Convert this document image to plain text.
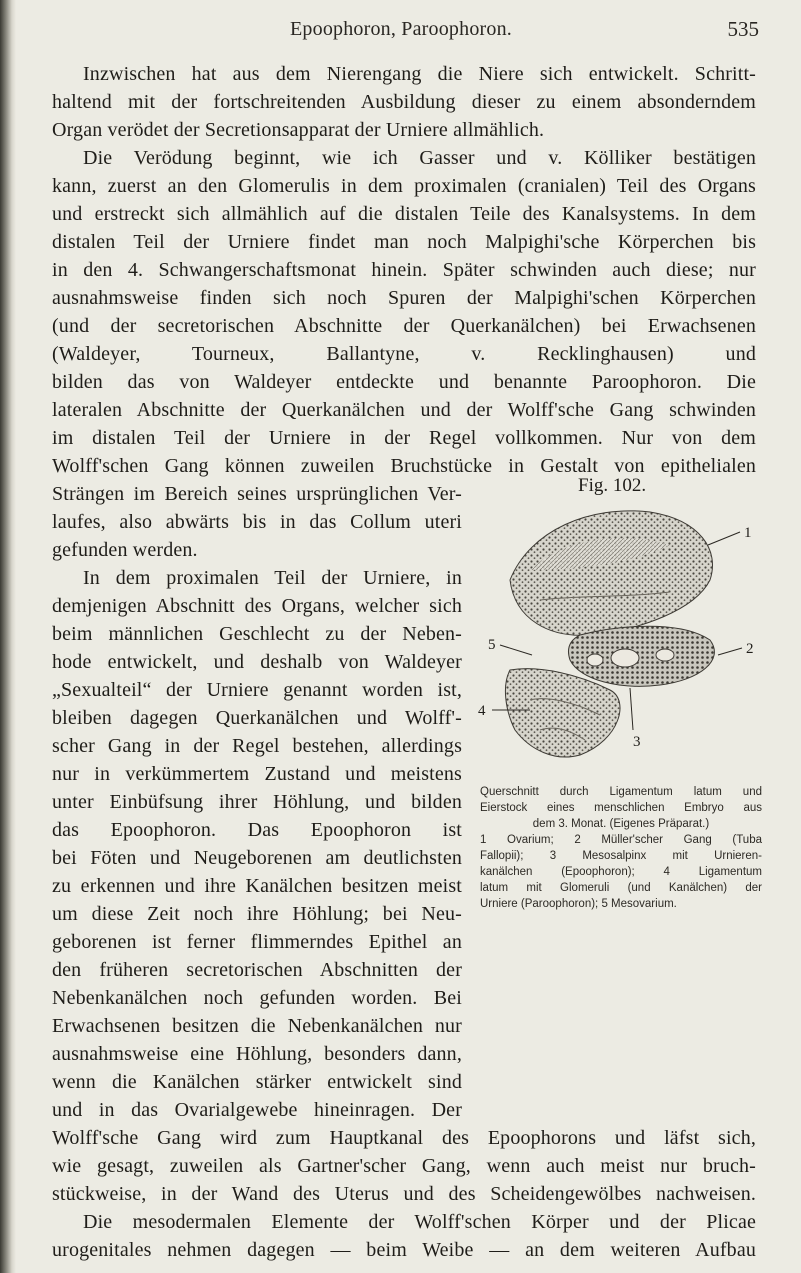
Epoophoron, Paroophoron.	535
Inzwischen hat aus dem Nierengang die Niere sich entwickelt. Schritt-
haltend mit der fortschreitenden Ausbildung dieser zu einem absonderndem
Organ verödet der Secretionsapparat der Urniere allmählich.
Die Verödung beginnt, wie ich Gasser und v. Kölliker bestätigen
kann, zuerst an den Glomerulis in dem proximalen (cranialen) Teil des Organs
und erstreckt sich allmählich auf die distalen Teile des Kanalsystems. In dem
distalen Teil der Urniere findet man noch Malpighi'sche Körperchen bis
in den 4. Schwangerschaftsmonat hinein. Später schwinden auch diese; nur
ausnahmsweise finden sich noch Spuren der Malpighi'schen Körperchen
(und der secretorischen Abschnitte der Querkanälchen) bei Erwachsenen
(Waldeyer, Tourneux, Ballantyne, v. Recklinghausen) und
bilden das von Waldeyer entdeckte und benannte Paroophoron. Die
lateralen Abschnitte der Querkanälchen und der Wolff'sche Gang schwinden
im distalen Teil der Urniere in der Regel vollkommen. Nur von dem
Wolff'schen Gang können zuweilen Bruchstücke in Gestalt von epithelialen
Strängen im Bereich seines ursprünglichen Ver-
laufes, also abwärts bis in das Collum uteri
gefunden werden.
In dem proximalen Teil der Urniere, in
demjenigen Abschnitt des Organs, welcher sich
beim männlichen Geschlecht zu der Neben-
hode entwickelt, und deshalb von Waldeyer
„Sexualteil“ der Urniere genannt worden ist,
bleiben dagegen Querkanälchen und Wolff'-
scher Gang in der Regel bestehen, allerdings
nur in verkümmertem Zustand und meistens
unter Einbüfsung ihrer Höhlung, und bilden
das Epoophoron. Das Epoophoron ist
bei Föten und Neugeborenen am deutlichsten
zu erkennen und ihre Kanälchen besitzen meist
um diese Zeit noch ihre Höhlung; bei Neu-
geborenen ist ferner flimmerndes Epithel an
den früheren secretorischen Abschnitten der
Nebenkanälchen noch gefunden worden. Bei
Erwachsenen besitzen die Nebenkanälchen nur
ausnahmsweise eine Höhlung, besonders dann,
wenn die Kanälchen stärker entwickelt sind
und in das Ovarialgewebe hineinragen. Der
Wolff'sche Gang wird zum Hauptkanal des Epoophorons und läfst sich,
wie gesagt, zuweilen als Gartner'scher Gang, wenn auch meist nur bruch-
stückweise, in der Wand des Uterus und des Scheidengewölbes nachweisen.
Die mesodermalen Elemente der Wolff'schen Körper und der Plicae
urogenitales nehmen dagegen — beim Weibe — an dem weiteren Aufbau
Fig. 102.
1
2
3
4
5
Querschnitt durch Ligamentum latum und
Eierstock eines menschlichen Embryo aus
dem 3. Monat. (Eigenes Präparat.)
1 Ovarium; 2 Müller'scher Gang (Tuba
Fallopii); 3 Mesosalpinx mit Urnieren-
kanälchen (Epoophoron); 4 Ligamentum
latum mit Glomeruli (und Kanälchen) der
Urniere (Paroophoron); 5 Mesovarium.
